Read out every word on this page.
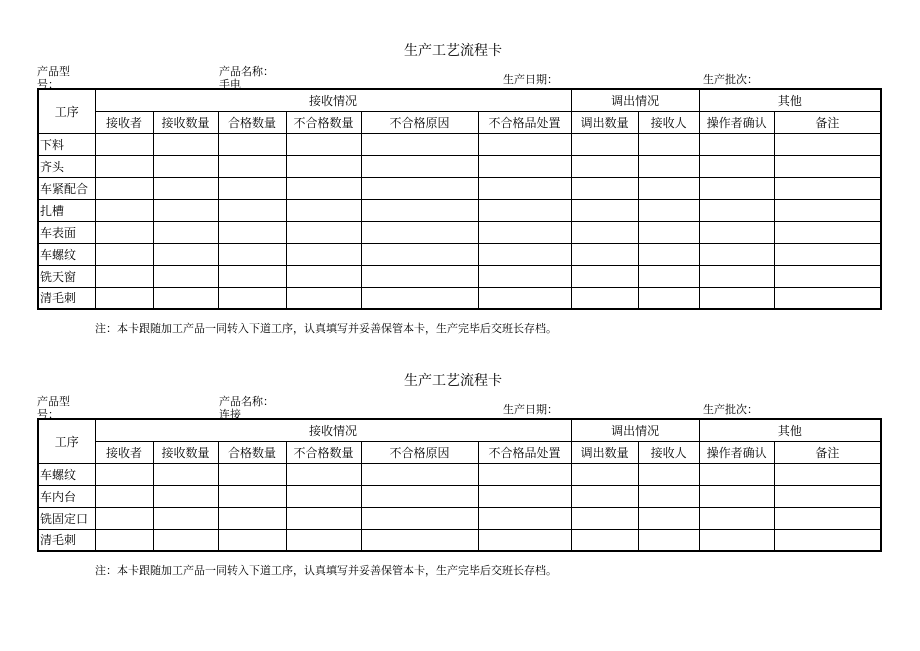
生产工艺流程卡
产品型号：
产品名称：手电	生产日期：	生产批次：
工序	接收情况						调出情况		其他	
	接收者	接收数量	合格数量	不合格数量	不合格原因	不合格品处置	调出数量	接收人	操作者确认	备注
下料										
齐头										
车紧配合										
扎槽										
车表面										
车螺纹										
铣天窗										
清毛刺										
注：本卡跟随加工产品一同转入下道工序，认真填写并妥善保管本卡，生产完毕后交班长存档。
生产工艺流程卡
产品型号：
产品名称：连接	生产日期：	生产批次：
工序	接收情况						调出情况		其他	
	接收者	接收数量	合格数量	不合格数量	不合格原因	不合格品处置	调出数量	接收人	操作者确认	备注
车螺纹										
车内台										
铣固定口										
清毛刺										
注：本卡跟随加工产品一同转入下道工序，认真填写并妥善保管本卡，生产完毕后交班长存档。
